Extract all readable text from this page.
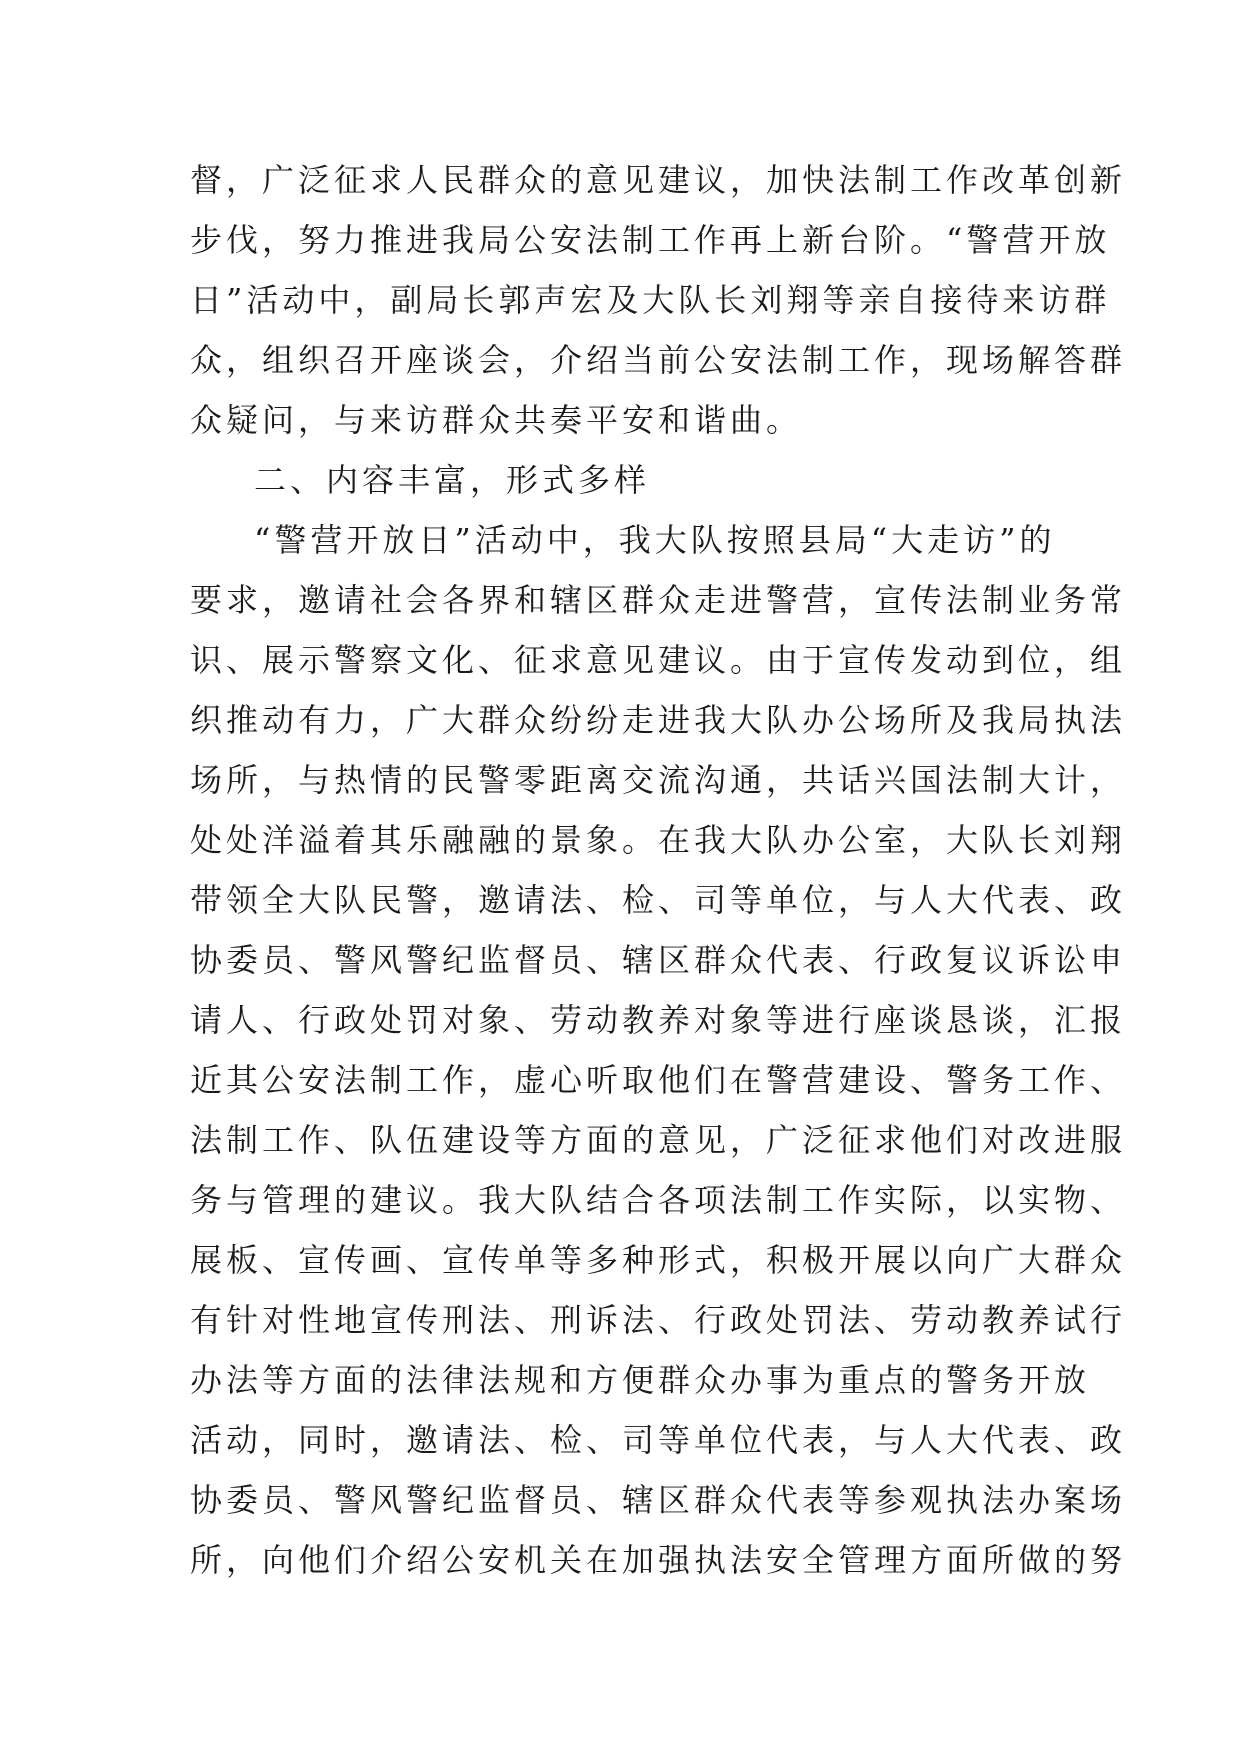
督，广泛征求人民群众的意见建议，加快法制工作改革创新
步伐，努力推进我局公安法制工作再上新台阶。“警营开放
日”活动中，副局长郭声宏及大队长刘翔等亲自接待来访群
众，组织召开座谈会，介绍当前公安法制工作，现场解答群
众疑问，与来访群众共奏平安和谐曲。
二、内容丰富，形式多样
“警营开放日”活动中，我大队按照县局“大走访”的
要求，邀请社会各界和辖区群众走进警营，宣传法制业务常
识、展示警察文化、征求意见建议。由于宣传发动到位，组
织推动有力，广大群众纷纷走进我大队办公场所及我局执法
场所，与热情的民警零距离交流沟通，共话兴国法制大计，
处处洋溢着其乐融融的景象。在我大队办公室，大队长刘翔
带领全大队民警，邀请法、检、司等单位，与人大代表、政
协委员、警风警纪监督员、辖区群众代表、行政复议诉讼申
请人、行政处罚对象、劳动教养对象等进行座谈恳谈，汇报
近其公安法制工作，虚心听取他们在警营建设、警务工作、
法制工作、队伍建设等方面的意见，广泛征求他们对改进服
务与管理的建议。我大队结合各项法制工作实际，以实物、
展板、宣传画、宣传单等多种形式，积极开展以向广大群众
有针对性地宣传刑法、刑诉法、行政处罚法、劳动教养试行
办法等方面的法律法规和方便群众办事为重点的警务开放
活动，同时，邀请法、检、司等单位代表，与人大代表、政
协委员、警风警纪监督员、辖区群众代表等参观执法办案场
所，向他们介绍公安机关在加强执法安全管理方面所做的努
